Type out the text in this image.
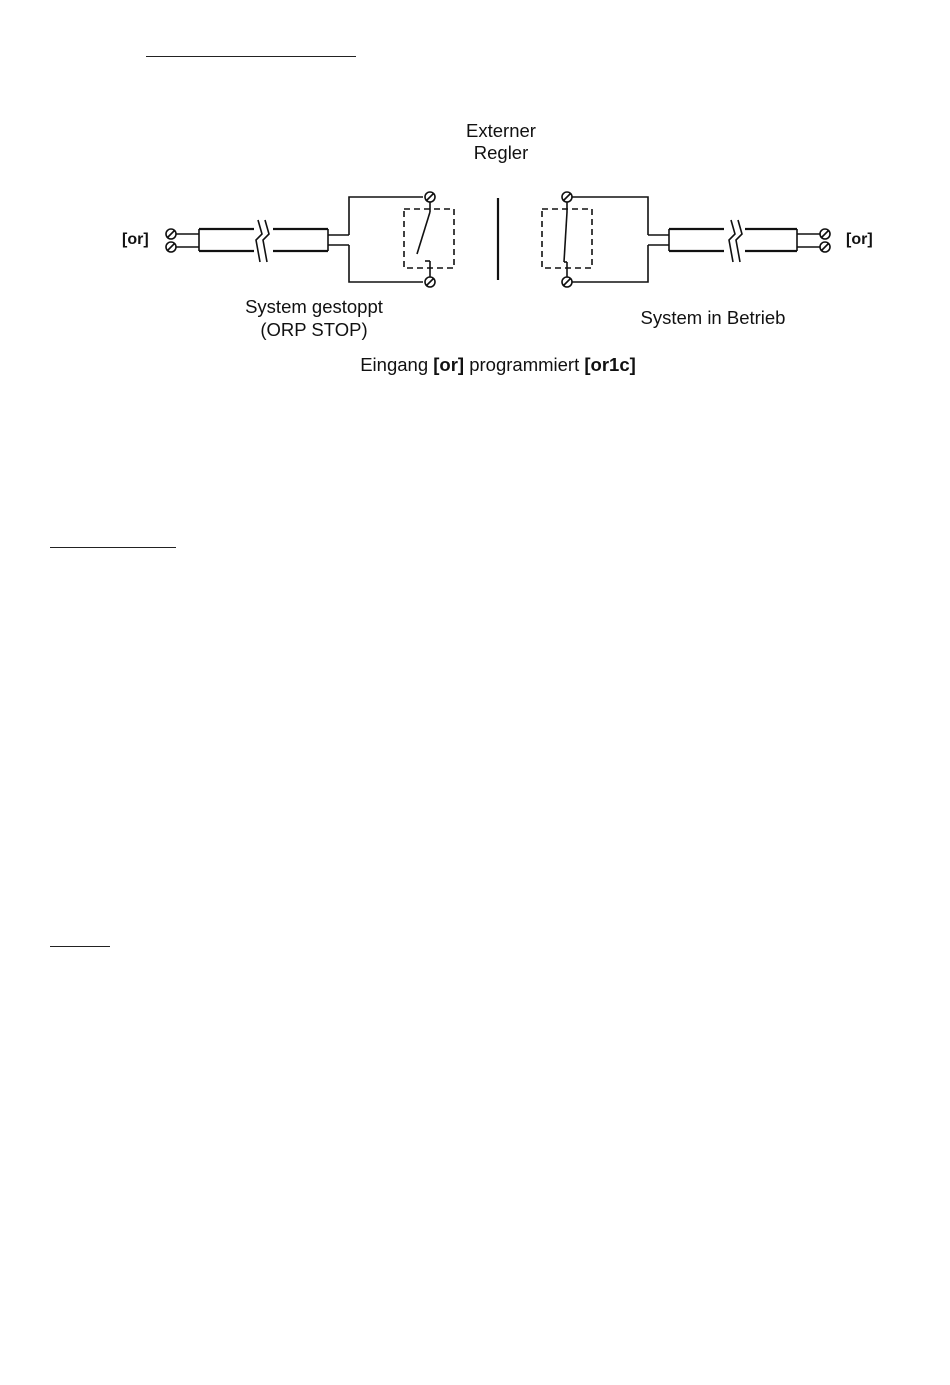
Externer
Regler
[or]
System gestoppt
(ORP STOP)
[or]
System in Betrieb
Eingang [or] programmiert [or1c]
